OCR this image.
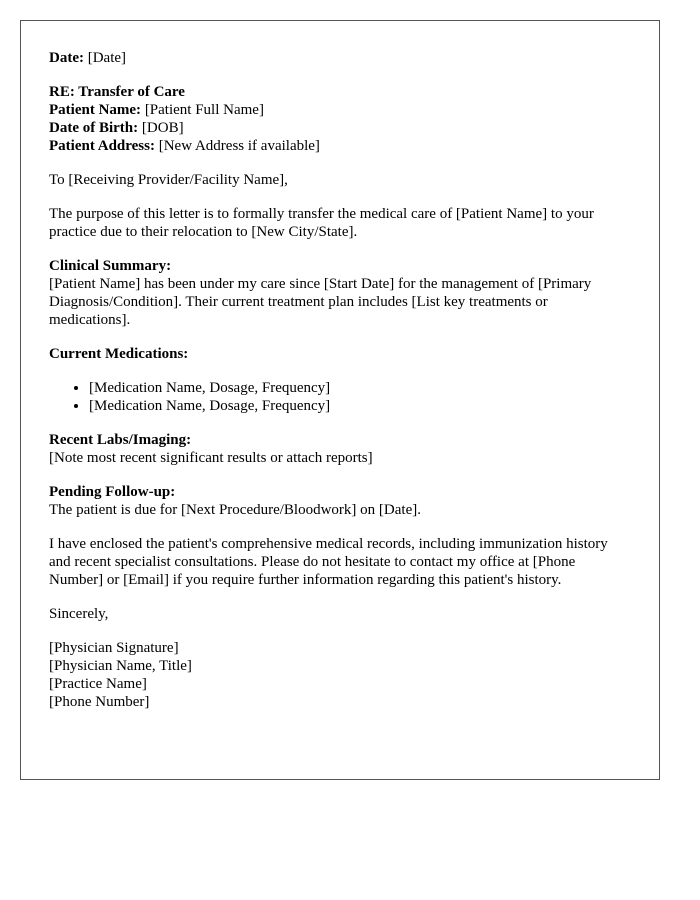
Date: [Date]
RE: Transfer of Care
Patient Name: [Patient Full Name]
Date of Birth: [DOB]
Patient Address: [New Address if available]
To [Receiving Provider/Facility Name],
The purpose of this letter is to formally transfer the medical care of [Patient Name] to your practice due to their relocation to [New City/State].
Clinical Summary:
[Patient Name] has been under my care since [Start Date] for the management of [Primary Diagnosis/Condition]. Their current treatment plan includes [List key treatments or medications].
Current Medications:
• [Medication Name, Dosage, Frequency]
• [Medication Name, Dosage, Frequency]
Recent Labs/Imaging:
[Note most recent significant results or attach reports]
Pending Follow-up:
The patient is due for [Next Procedure/Bloodwork] on [Date].
I have enclosed the patient's comprehensive medical records, including immunization history and recent specialist consultations. Please do not hesitate to contact my office at [Phone Number] or [Email] if you require further information regarding this patient's history.
Sincerely,
[Physician Signature]
[Physician Name, Title]
[Practice Name]
[Phone Number]
